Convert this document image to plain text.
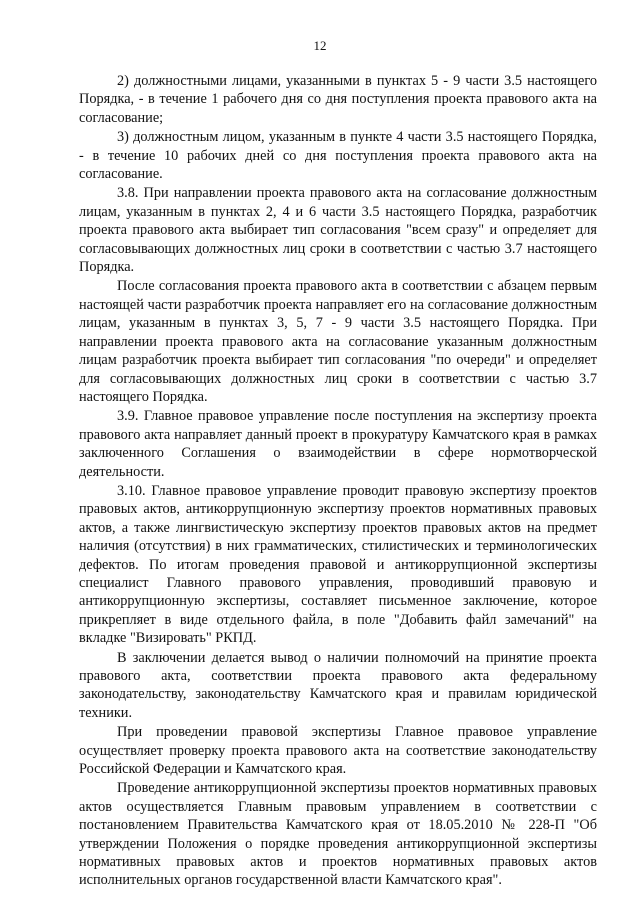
12

2) должностными лицами, указанными в пунктах 5 - 9 части 3.5 настоящего Порядка, - в течение 1 рабочего дня со дня поступления проекта правового акта на согласование;

3) должностным лицом, указанным в пункте 4 части 3.5 настоящего Порядка, - в течение 10 рабочих дней со дня поступления проекта правового акта на согласование.

3.8. При направлении проекта правового акта на согласование должностным лицам, указанным в пунктах 2, 4 и 6 части 3.5 настоящего Порядка, разработчик проекта правового акта выбирает тип согласования "всем сразу" и определяет для согласовывающих должностных лиц сроки в соответствии с частью 3.7 настоящего Порядка.

После согласования проекта правового акта в соответствии с абзацем первым настоящей части разработчик проекта направляет его на согласование должностным лицам, указанным в пунктах 3, 5, 7 - 9 части 3.5 настоящего Порядка. При направлении проекта правового акта на согласование указанным должностным лицам разработчик проекта выбирает тип согласования "по очереди" и определяет для согласовывающих должностных лиц сроки в соответствии с частью 3.7 настоящего Порядка.

3.9. Главное правовое управление после поступления на экспертизу проекта правового акта направляет данный проект в прокуратуру Камчатского края в рамках заключенного Соглашения о взаимодействии в сфере нормотворческой деятельности.

3.10. Главное правовое управление проводит правовую экспертизу проектов правовых актов, антикоррупционную экспертизу проектов нормативных правовых актов, а также лингвистическую экспертизу проектов правовых актов на предмет наличия (отсутствия) в них грамматических, стилистических и терминологических дефектов. По итогам проведения правовой и антикоррупционной экспертизы специалист Главного правового управления, проводивший правовую и антикоррупционную экспертизы, составляет письменное заключение, которое прикрепляет в виде отдельного файла, в поле "Добавить файл замечаний" на вкладке "Визировать" РКПД.

В заключении делается вывод о наличии полномочий на принятие проекта правового акта, соответствии проекта правового акта федеральному законодательству, законодательству Камчатского края и правилам юридической техники.

При проведении правовой экспертизы Главное правовое управление осуществляет проверку проекта правового акта на соответствие законодательству Российской Федерации и Камчатского края.

Проведение антикоррупционной экспертизы проектов нормативных правовых актов осуществляется Главным правовым управлением в соответствии с постановлением Правительства Камчатского края от 18.05.2010 № 228-П "Об утверждении Положения о порядке проведения антикоррупционной экспертизы нормативных правовых актов и проектов нормативных правовых актов исполнительных органов государственной власти Камчатского края".
